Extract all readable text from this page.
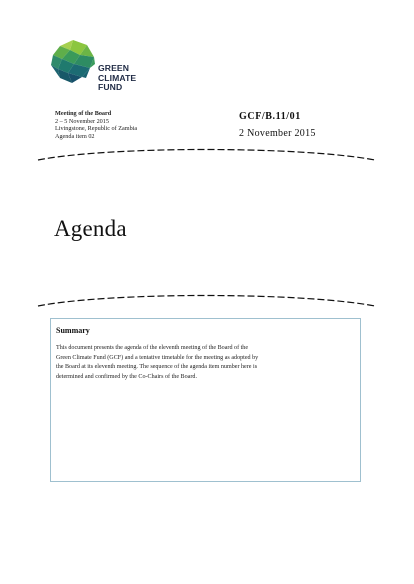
GREEN
CLIMATE
FUND
Meeting of the Board
2 – 5 November 2015
Livingstone, Republic of Zambia
Agenda item 02
GCF/B.11/01
2 November 2015
Agenda
Summary
This document presents the agenda of the eleventh meeting of the Board of the
Green Climate Fund (GCF) and a tentative timetable for the meeting as adopted by
the Board at its eleventh meeting. The sequence of the agenda item number here is
determined and confirmed by the Co-Chairs of the Board.
